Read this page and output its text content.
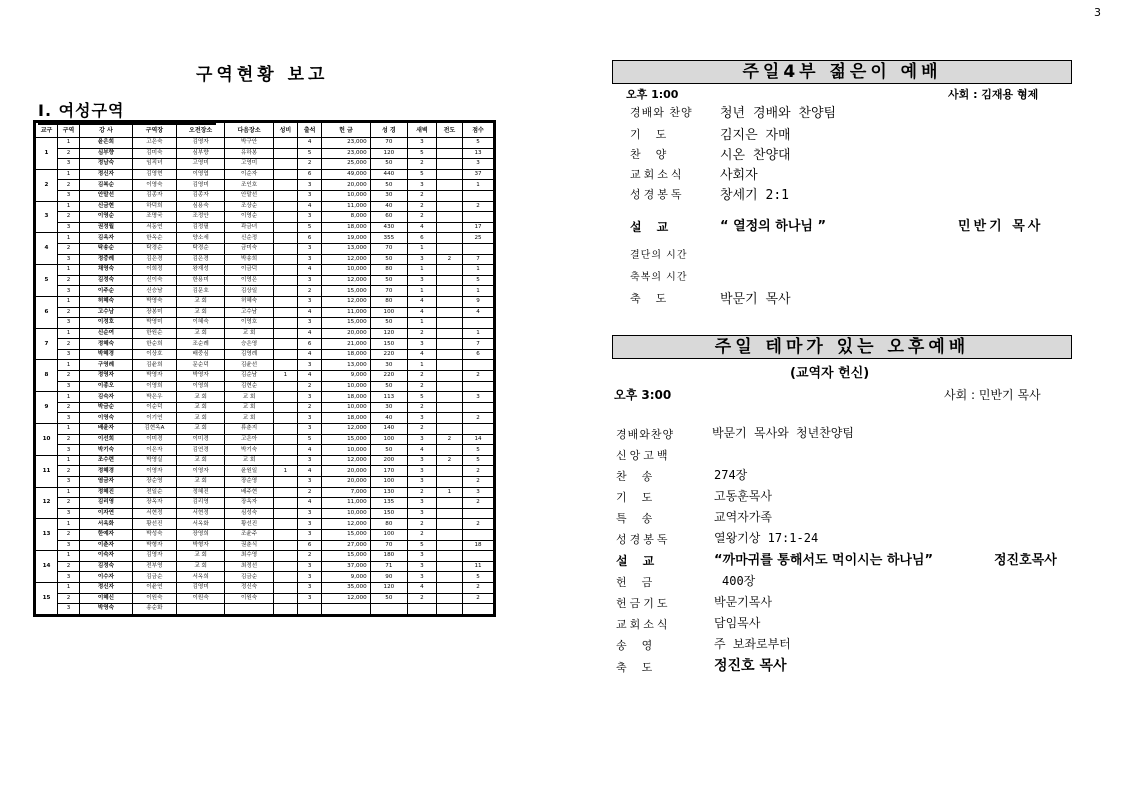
3
구역현황 보고
Ⅰ. 여성구역
교구	구역	강 사	구역장	오전장소	다음장소	성비	출석	헌 금	성 경	새벽	전도	점수
1	1	윤은희	고은숙	김영자	박구안		4	23,000	70	3		5
	2	심부향	김미숙	심부향	유하봉		5	23,000	120	5		13
	3	정남숙	임직녀	고영미	고영미		2	25,000	50	2		3
2	1	정신자	김영현	이영엽	이순자		6	49,000	440	5		37
	2	김복순	이영숙	김영미	조인호		3	20,000	50	3		1
	3	안말선	김종자	김종자	안말선		3	10,000	30	2		
3	1	신금현	하덕희	심용숙	조상순		4	11,000	40	2		2
	2	이영순	조명국	조정안	이영순		3	8,000	60	2		
	3	권정월	서동연	김정필	곽금녀		5	18,000	430	4		17
4	1	김옥자	한옥순	양소세	신순정		6	19,000	355	6		25
	2	탁송순	탁경순	탁경순	금미숙		3	13,000	70	1		
	3	정중례	김은경	김은경	박송희		3	12,000	50	3	2	7
5	1	채영숙	이희정	왕재성	이금덕		4	10,000	80	1		1
	2	김정숙	신이숙	한용미	이영은		3	12,000	50	3		5
	3	이주순	신승남	김문호	김상일		2	15,000	70	1		1
6	1	허혜숙	박영숙	교 회	허혜숙		3	12,000	80	4		9
	2	고수남	장봉미	교 회	고수남		4	11,000	100	4		4
	3	이정호	박영미	이혜숙	이영호		3	15,000	50	1		
7	1	신순여	한원순	교 회	교 회		4	20,000	120	2		1
	2	정혜숙	한순희	조순례	승은영		6	21,000	150	3		7
	3	박혜경	이상호	배중심	김영례		4	18,000	220	4		6
8	1	구영례	김윤희	문순덕	김윤선		3	13,000	30	1		
	2	정영자	박영자	박영자	김순남	1	4	9,000	220	2		2
	3	이종오	이영희	이영희	김현순		2	10,000	50	2		
9	1	김숙자	박은우	교 회	교 회		3	18,000	113	5		3
	2	박금순	이순덕	교 회	교 회		2	10,000	30	2		
	3	이영숙	이기연	교 회	교 회		3	18,000	40	3		2
10	1	배윤자	김현옥A	교 회	류춘지		3	12,000	140	2		
	2	이선희	이미경	이미경	고은아		5	15,000	100	3	2	14
	3	박기숙	이은자	김연경	박기숙		4	10,000	50	4		5
11	1	조수련	박영실	교 회	교 회		3	12,000	200	3	2	5
	2	정혜경	이영자	이영자	윤원일	1	4	20,000	170	3		2
	3	염금자	장순영	교 회	장순영		3	20,000	100	3		2
12	1	정혜진	전일순	정혜진	배주현		2	7,000	130	2	1	3
	2	김리영	장옥자	김리영	장옥자		4	11,000	135	3		2
	3	이자연	서현정	서현정	심성숙		3	10,000	150	3		
13	1	서옥화	황선진	서옥화	황선진		3	12,000	80	2		2
	2	한예자	박성숙	장영희	조윤주		3	15,000	100	2		
	3	이춘자	박형자	박형자	권춘식		6	27,000	70	5		18
14	1	이숙자	김영자	교 회	최수영		2	15,000	180	3		
	2	김정숙	전부영	교 회	최정선		3	37,000	71	3		11
	3	이수자	김금순	서옥희	김금순		3	9,000	90	3		5
15	1	정신자	이윤연	김영미	정신숙		3	35,000	120	4		2
	2	이혜신	이원숙	이원숙	이원숙		3	12,000	50	2		2
	3	박영숙	송순화									
주일4부 젊은이 예배
오후 1:00	사회 : 김재용 형제
경배와 찬양 청년 경배와 찬양팀
기도	김지은 자매
찬양	시온 찬양대
교회소식	사회자
성경봉독	창세기 2:1
설교	“ 열정의 하나님 ”	민반기 목사
결단의 시간
축복의 시간
축도	박문기 목사
주일 테마가 있는 오후예배
(교역자 헌신)
오후 3:00	사회 : 민반기 목사
경배와찬양	박문기 목사와 청년찬양팀
신앙고백
찬송	274장
기도	고동훈목사
특송	교역자가족
성경봉독	열왕기상 17:1-24
설교	“까마귀를 통해서도 먹이시는 하나님”	정진호목사
헌금	400장
헌금기도	박문기목사
교회소식	담임목사
송영	주 보좌로부터
축도	정진호 목사
